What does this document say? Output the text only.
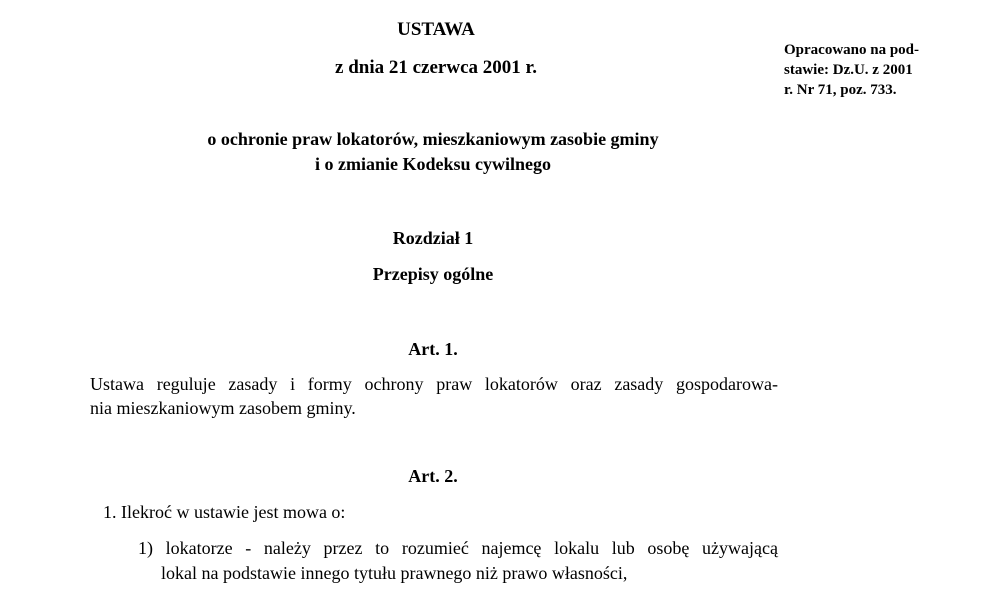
USTAWA
z dnia 21 czerwca 2001 r.
Opracowano na pod-
stawie: Dz.U. z 2001
r. Nr 71, poz. 733.
o ochronie praw lokatorów, mieszkaniowym zasobie gminy
i o zmianie Kodeksu cywilnego
Rozdział 1
Przepisy ogólne
Art. 1.
Ustawa reguluje zasady i formy ochrony praw lokatorów oraz zasady gospodarowa-
nia mieszkaniowym zasobem gminy.
Art. 2.
1. Ilekroć w ustawie jest mowa o:
1) lokatorze - należy przez to rozumieć najemcę lokalu lub osobę używającą
lokal na podstawie innego tytułu prawnego niż prawo własności,
